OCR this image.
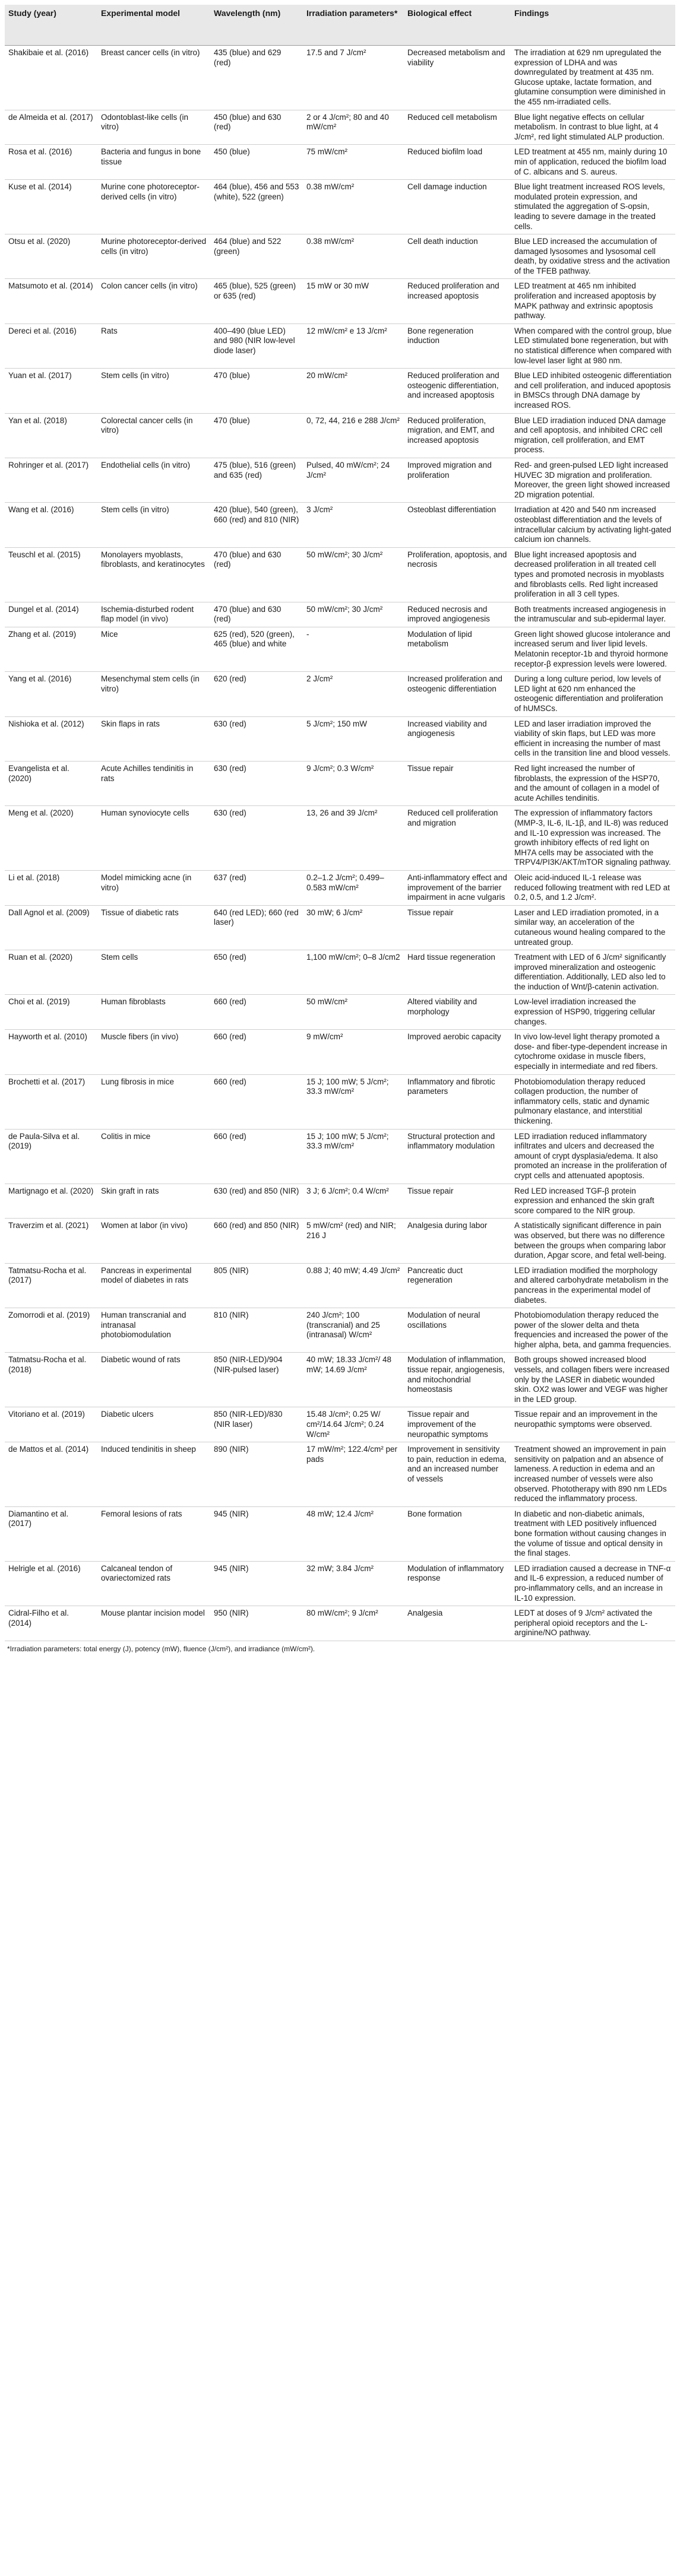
Study (year)	Experimental model	Wavelength (nm)	Irradiation parameters*	Biological effect	Findings
Shakibaie et al. (2016)	Breast cancer cells (in vitro)	435 (blue) and 629 (red)	17.5 and 7 J/cm²	Decreased metabolism and viability	The irradiation at 629 nm upregulated the expression of LDHA and was downregulated by treatment at 435 nm. Glucose uptake, lactate formation, and glutamine consumption were diminished in the 455 nm-irradiated cells.
de Almeida et al. (2017)	Odontoblast-like cells (in vitro)	450 (blue) and 630 (red)	2 or 4 J/cm²; 80 and 40 mW/cm²	Reduced cell metabolism	Blue light negative effects on cellular metabolism. In contrast to blue light, at 4 J/cm², red light stimulated ALP production.
Rosa et al. (2016)	Bacteria and fungus in bone tissue	450 (blue)	75 mW/cm²	Reduced biofilm load	LED treatment at 455 nm, mainly during 10 min of application, reduced the biofilm load of C. albicans and S. aureus.
Kuse et al. (2014)	Murine cone photoreceptor-derived cells (in vitro)	464 (blue), 456 and 553 (white), 522 (green)	0.38 mW/cm²	Cell damage induction	Blue light treatment increased ROS levels, modulated protein expression, and stimulated the aggregation of S-opsin, leading to severe damage in the treated cells.
Otsu et al. (2020)	Murine photoreceptor-derived cells (in vitro)	464 (blue) and 522 (green)	0.38 mW/cm²	Cell death induction	Blue LED increased the accumulation of damaged lysosomes and lysosomal cell death, by oxidative stress and the activation of the TFEB pathway.
Matsumoto et al. (2014)	Colon cancer cells (in vitro)	465 (blue), 525 (green) or 635 (red)	15 mW or 30 mW	Reduced proliferation and increased apoptosis	LED treatment at 465 nm inhibited proliferation and increased apoptosis by MAPK pathway and extrinsic apoptosis pathway.
Dereci et al. (2016)	Rats	400–490 (blue LED) and 980 (NIR low-level diode laser)	12 mW/cm² e 13 J/cm²	Bone regeneration induction	When compared with the control group, blue LED stimulated bone regeneration, but with no statistical difference when compared with low-level laser light at 980 nm.
Yuan et al. (2017)	Stem cells (in vitro)	470 (blue)	20 mW/cm²	Reduced proliferation and osteogenic differentiation, and increased apoptosis	Blue LED inhibited osteogenic differentiation and cell proliferation, and induced apoptosis in BMSCs through DNA damage by increased ROS.
Yan et al. (2018)	Colorectal cancer cells (in vitro)	470 (blue)	0, 72, 44, 216 e 288 J/cm²	Reduced proliferation, migration, and EMT, and increased apoptosis	Blue LED irradiation induced DNA damage and cell apoptosis, and inhibited CRC cell migration, cell proliferation, and EMT process.
Rohringer et al. (2017)	Endothelial cells (in vitro)	475 (blue), 516 (green) and 635 (red)	Pulsed, 40 mW/cm²; 24 J/cm²	Improved migration and proliferation	Red- and green-pulsed LED light increased HUVEC 3D migration and proliferation. Moreover, the green light showed increased 2D migration potential.
Wang et al. (2016)	Stem cells (in vitro)	420 (blue), 540 (green), 660 (red) and 810 (NIR)	3 J/cm²	Osteoblast differentiation	Irradiation at 420 and 540 nm increased osteoblast differentiation and the levels of intracellular calcium by activating light-gated calcium ion channels.
Teuschl et al. (2015)	Monolayers myoblasts, fibroblasts, and keratinocytes	470 (blue) and 630 (red)	50 mW/cm²; 30 J/cm²	Proliferation, apoptosis, and necrosis	Blue light increased apoptosis and decreased proliferation in all treated cell types and promoted necrosis in myoblasts and fibroblasts cells. Red light increased proliferation in all 3 cell types.
Dungel et al. (2014)	Ischemia-disturbed rodent flap model (in vivo)	470 (blue) and 630 (red)	50 mW/cm²; 30 J/cm²	Reduced necrosis and improved angiogenesis	Both treatments increased angiogenesis in the intramuscular and sub-epidermal layer.
Zhang et al. (2019)	Mice	625 (red), 520 (green), 465 (blue) and white	-	Modulation of lipid metabolism	Green light showed glucose intolerance and increased serum and liver lipid levels. Melatonin receptor-1b and thyroid hormone receptor-β expression levels were lowered.
Yang et al. (2016)	Mesenchymal stem cells (in vitro)	620 (red)	2 J/cm²	Increased proliferation and osteogenic differentiation	During a long culture period, low levels of LED light at 620 nm enhanced the osteogenic differentiation and proliferation of hUMSCs.
Nishioka et al. (2012)	Skin flaps in rats	630 (red)	5 J/cm²; 150 mW	Increased viability and angiogenesis	LED and laser irradiation improved the viability of skin flaps, but LED was more efficient in increasing the number of mast cells in the transition line and blood vessels.
Evangelista et al. (2020)	Acute Achilles tendinitis in rats	630 (red)	9 J/cm²; 0.3 W/cm²	Tissue repair	Red light increased the number of fibroblasts, the expression of the HSP70, and the amount of collagen in a model of acute Achilles tendinitis.
Meng et al. (2020)	Human synoviocyte cells	630 (red)	13, 26 and 39 J/cm²	Reduced cell proliferation and migration	The expression of inflammatory factors (MMP-3, IL-6, IL-1β, and IL-8) was reduced and IL-10 expression was increased. The growth inhibitory effects of red light on MH7A cells may be associated with the TRPV4/PI3K/AKT/mTOR signaling pathway.
Li et al. (2018)	Model mimicking acne (in vitro)	637 (red)	0.2–1.2 J/cm²; 0.499–0.583 mW/cm²	Anti-inflammatory effect and improvement of the barrier impairment in acne vulgaris	Oleic acid-induced IL-1 release was reduced following treatment with red LED at 0.2, 0.5, and 1.2 J/cm².
Dall Agnol et al. (2009)	Tissue of diabetic rats	640 (red LED); 660 (red laser)	30 mW; 6 J/cm²	Tissue repair	Laser and LED irradiation promoted, in a similar way, an acceleration of the cutaneous wound healing compared to the untreated group.
Ruan et al. (2020)	Stem cells	650 (red)	1,100 mW/cm²; 0–8 J/cm2	Hard tissue regeneration	Treatment with LED of 6 J/cm² significantly improved mineralization and osteogenic differentiation. Additionally, LED also led to the induction of Wnt/β-catenin activation.
Choi et al. (2019)	Human fibroblasts	660 (red)	50 mW/cm²	Altered viability and morphology	Low-level irradiation increased the expression of HSP90, triggering cellular changes.
Hayworth et al. (2010)	Muscle fibers (in vivo)	660 (red)	9 mW/cm²	Improved aerobic capacity	In vivo low-level light therapy promoted a dose- and fiber-type-dependent increase in cytochrome oxidase in muscle fibers, especially in intermediate and red fibers.
Brochetti et al. (2017)	Lung fibrosis in mice	660 (red)	15 J; 100 mW; 5 J/cm²; 33.3 mW/cm²	Inflammatory and fibrotic parameters	Photobiomodulation therapy reduced collagen production, the number of inflammatory cells, static and dynamic pulmonary elastance, and interstitial thickening.
de Paula-Silva et al. (2019)	Colitis in mice	660 (red)	15 J; 100 mW; 5 J/cm²; 33.3 mW/cm²	Structural protection and inflammatory modulation	LED irradiation reduced inflammatory infiltrates and ulcers and decreased the amount of crypt dysplasia/edema. It also promoted an increase in the proliferation of crypt cells and attenuated apoptosis.
Martignago et al. (2020)	Skin graft in rats	630 (red) and 850 (NIR)	3 J; 6 J/cm²; 0.4 W/cm²	Tissue repair	Red LED increased TGF-β protein expression and enhanced the skin graft score compared to the NIR group.
Traverzim et al. (2021)	Women at labor (in vivo)	660 (red) and 850 (NIR)	5 mW/cm² (red) and NIR; 216 J	Analgesia during labor	A statistically significant difference in pain was observed, but there was no difference between the groups when comparing labor duration, Apgar score, and fetal well-being.
Tatmatsu-Rocha et al. (2017)	Pancreas in experimental model of diabetes in rats	805 (NIR)	0.88 J; 40 mW; 4.49 J/cm²	Pancreatic duct regeneration	LED irradiation modified the morphology and altered carbohydrate metabolism in the pancreas in the experimental model of diabetes.
Zomorrodi et al. (2019)	Human transcranial and intranasal photobiomodulation	810 (NIR)	240 J/cm²; 100 (transcranial) and 25 (intranasal) W/cm²	Modulation of neural oscillations	Photobiomodulation therapy reduced the power of the slower delta and theta frequencies and increased the power of the higher alpha, beta, and gamma frequencies.
Tatmatsu-Rocha et al. (2018)	Diabetic wound of rats	850 (NIR-LED)/904 (NIR-pulsed laser)	40 mW; 18.33 J/cm²/ 48 mW; 14.69 J/cm²	Modulation of inflammation, tissue repair, angiogenesis, and mitochondrial homeostasis	Both groups showed increased blood vessels, and collagen fibers were increased only by the LASER in diabetic wounded skin. OX2 was lower and VEGF was higher in the LED group.
Vitoriano et al. (2019)	Diabetic ulcers	850 (NIR-LED)/830 (NIR laser)	15.48 J/cm²; 0.25 W/ cm²/14.64 J/cm²; 0.24 W/cm²	Tissue repair and improvement of the neuropathic symptoms	Tissue repair and an improvement in the neuropathic symptoms were observed.
de Mattos et al. (2014)	Induced tendinitis in sheep	890 (NIR)	17 mW/m²; 122.4/cm² per pads	Improvement in sensitivity to pain, reduction in edema, and an increased number of vessels	Treatment showed an improvement in pain sensitivity on palpation and an absence of lameness. A reduction in edema and an increased number of vessels were also observed. Phototherapy with 890 nm LEDs reduced the inflammatory process.
Diamantino et al. (2017)	Femoral lesions of rats	945 (NIR)	48 mW; 12.4 J/cm²	Bone formation	In diabetic and non-diabetic animals, treatment with LED positively influenced bone formation without causing changes in the volume of tissue and optical density in the final stages.
Helrigle et al. (2016)	Calcaneal tendon of ovariectomized rats	945 (NIR)	32 mW; 3.84 J/cm²	Modulation of inflammatory response	LED irradiation caused a decrease in TNF-α and IL-6 expression, a reduced number of pro-inflammatory cells, and an increase in IL-10 expression.
Cidral-Filho et al. (2014)	Mouse plantar incision model	950 (NIR)	80 mW/cm²; 9 J/cm²	Analgesia	LEDT at doses of 9 J/cm² activated the peripheral opioid receptors and the L-arginine/NO pathway.
*Irradiation parameters: total energy (J), potency (mW), fluence (J/cm²), and irradiance (mW/cm²).
